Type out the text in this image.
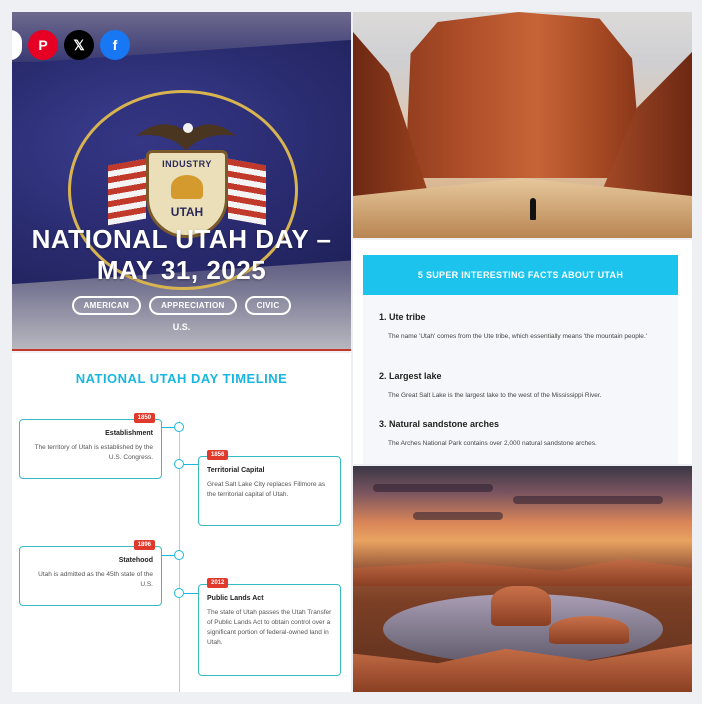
INDUSTRY
UTAH
P 𝕏 f
NATIONAL UTAH DAY –
MAY 31, 2025
AMERICAN	APPRECIATION	CIVIC
U.S.
5 SUPER INTERESTING FACTS ABOUT UTAH
1. Ute tribe
The name 'Utah' comes from the Ute tribe, which essentially means 'the mountain people.'
2. Largest lake
The Great Salt Lake is the largest lake to the west of the Mississippi River.
3. Natural sandstone arches
The Arches National Park contains over 2,000 natural sandstone arches.
NATIONAL UTAH DAY TIMELINE
1850
Establishment
The territory of Utah is established by the U.S. Congress.	1856
Territorial Capital
Great Salt Lake City replaces Fillmore as the territorial capital of Utah.
1896
Statehood
Utah is admitted as the 45th state of the U.S.	2012
Public Lands Act
The state of Utah passes the Utah Transfer of Public Lands Act to obtain control over a significant portion of federal-owned land in Utah.
